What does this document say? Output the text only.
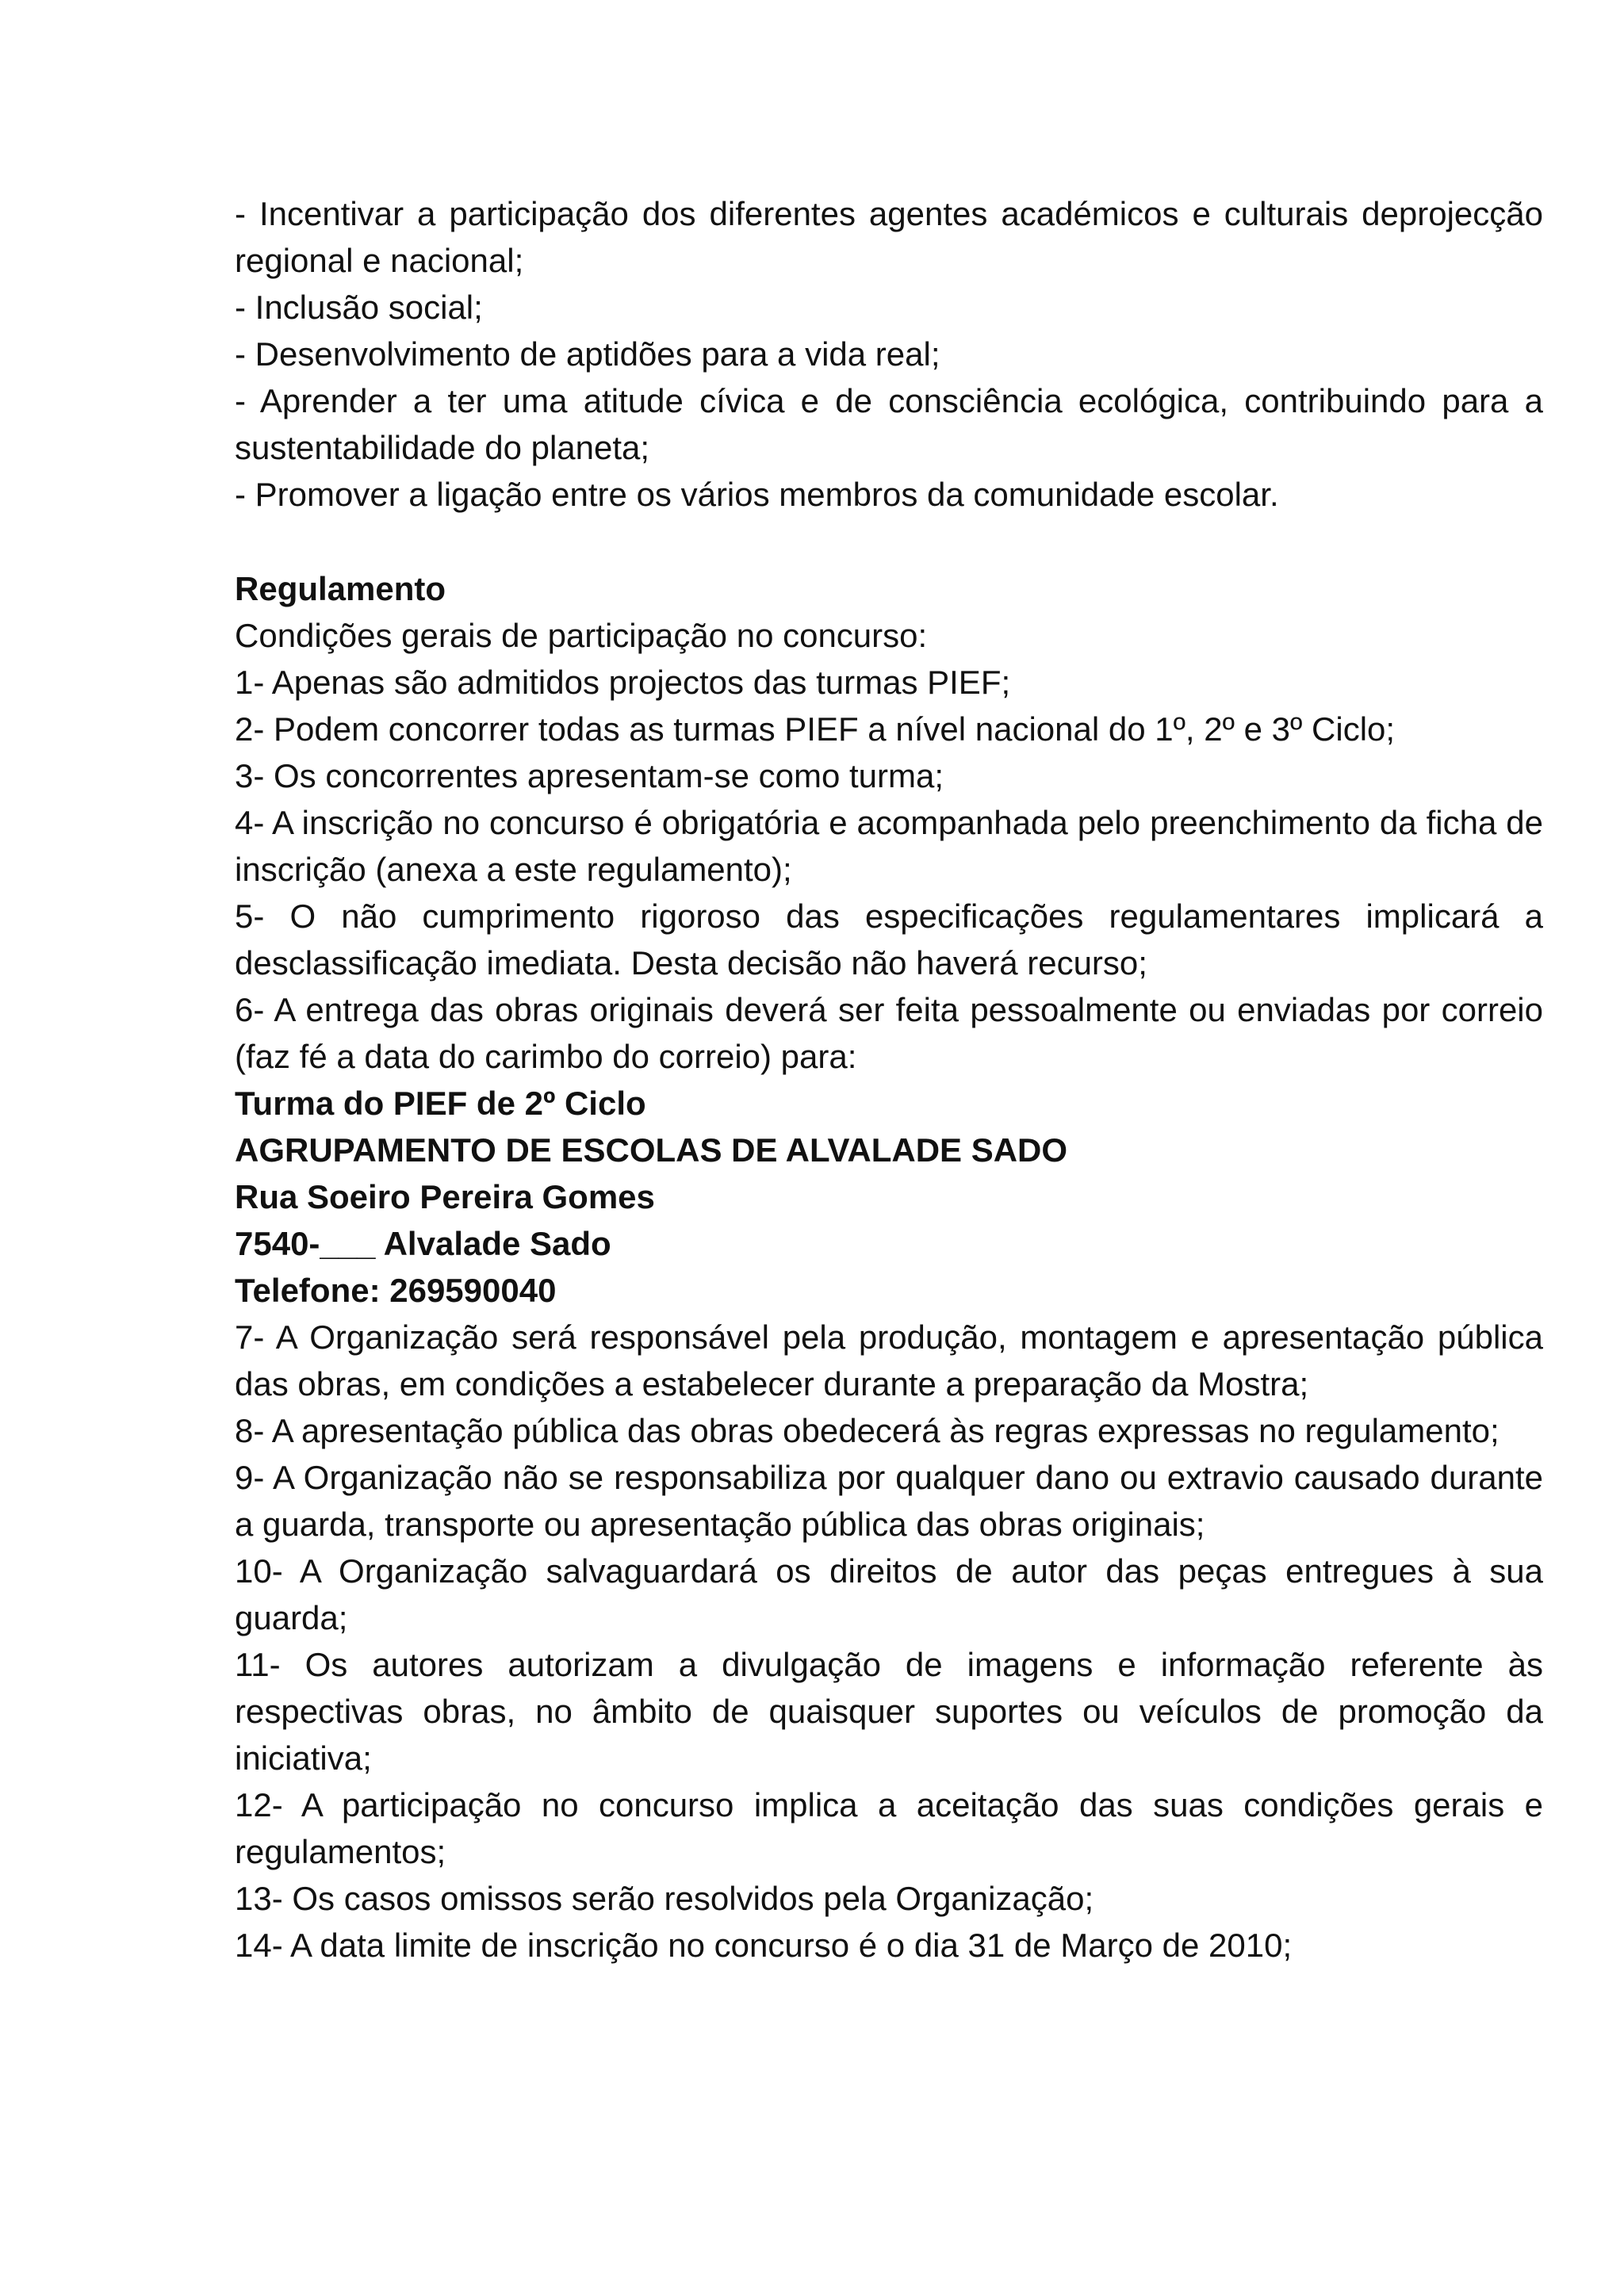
- Incentivar a participação dos diferentes agentes académicos e culturais deprojecção regional e nacional;

- Inclusão social;

- Desenvolvimento de aptidões para a vida real;

- Aprender a ter uma atitude cívica e de consciência ecológica, contribuindo para a sustentabilidade do planeta;

- Promover a ligação entre os vários membros da comunidade escolar.

Regulamento

Condições gerais de participação no concurso:

1- Apenas são admitidos projectos das turmas PIEF;

2- Podem concorrer todas as turmas PIEF a nível nacional do 1º, 2º e 3º Ciclo;

3- Os concorrentes apresentam-se como turma;

4- A inscrição no concurso é obrigatória e acompanhada pelo preenchimento da ficha de inscrição (anexa a este regulamento);

5- O não cumprimento rigoroso das especificações regulamentares implicará a desclassificação imediata. Desta decisão não haverá recurso;

6- A entrega das obras originais deverá ser feita pessoalmente ou enviadas por correio (faz fé a data do carimbo do correio) para:

Turma do PIEF de 2º Ciclo

AGRUPAMENTO DE ESCOLAS DE ALVALADE SADO

Rua Soeiro Pereira Gomes

7540-___ Alvalade Sado

Telefone: 269590040

7- A Organização será responsável pela produção, montagem e apresentação pública das obras, em condições a estabelecer durante a preparação da Mostra;

8- A apresentação pública das obras obedecerá às regras expressas no regulamento;

9- A Organização não se responsabiliza por qualquer dano ou extravio causado durante a guarda, transporte ou apresentação pública das obras originais;

10- A Organização salvaguardará os direitos de autor das peças entregues à sua guarda;

11- Os autores autorizam a divulgação de imagens e informação referente às respectivas obras, no âmbito de quaisquer suportes ou veículos de promoção da iniciativa;

12- A participação no concurso implica a aceitação das suas condições gerais e regulamentos;

13- Os casos omissos serão resolvidos pela Organização;

14- A data limite de inscrição no concurso é o dia 31 de Março de 2010;
